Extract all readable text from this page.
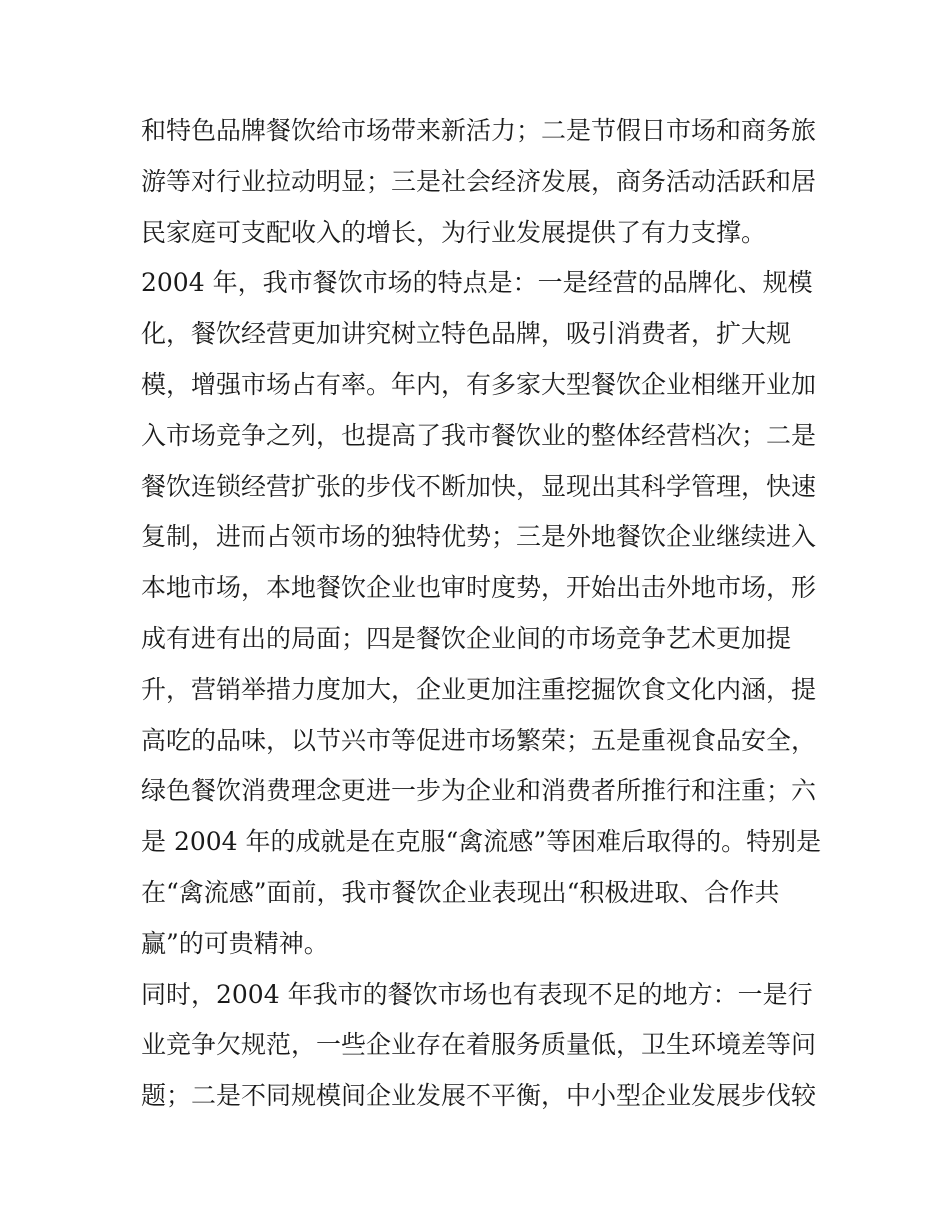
和特色品牌餐饮给市场带来新活力；二是节假日市场和商务旅
游等对行业拉动明显；三是社会经济发展，商务活动活跃和居
民家庭可支配收入的增长，为行业发展提供了有力支撑。
2004 年，我市餐饮市场的特点是：一是经营的品牌化、规模
化，餐饮经营更加讲究树立特色品牌，吸引消费者，扩大规
模，增强市场占有率。年内，有多家大型餐饮企业相继开业加
入市场竞争之列，也提高了我市餐饮业的整体经营档次；二是
餐饮连锁经营扩张的步伐不断加快，显现出其科学管理，快速
复制，进而占领市场的独特优势；三是外地餐饮企业继续进入
本地市场，本地餐饮企业也审时度势，开始出击外地市场，形
成有进有出的局面；四是餐饮企业间的市场竞争艺术更加提
升，营销举措力度加大，企业更加注重挖掘饮食文化内涵，提
高吃的品味，以节兴市等促进市场繁荣；五是重视食品安全，
绿色餐饮消费理念更进一步为企业和消费者所推行和注重；六
是 2004 年的成就是在克服“禽流感”等困难后取得的。特别是
在“禽流感”面前，我市餐饮企业表现出“积极进取、合作共
赢”的可贵精神。
同时，2004 年我市的餐饮市场也有表现不足的地方：一是行
业竞争欠规范，一些企业存在着服务质量低，卫生环境差等问
题；二是不同规模间企业发展不平衡，中小型企业发展步伐较
